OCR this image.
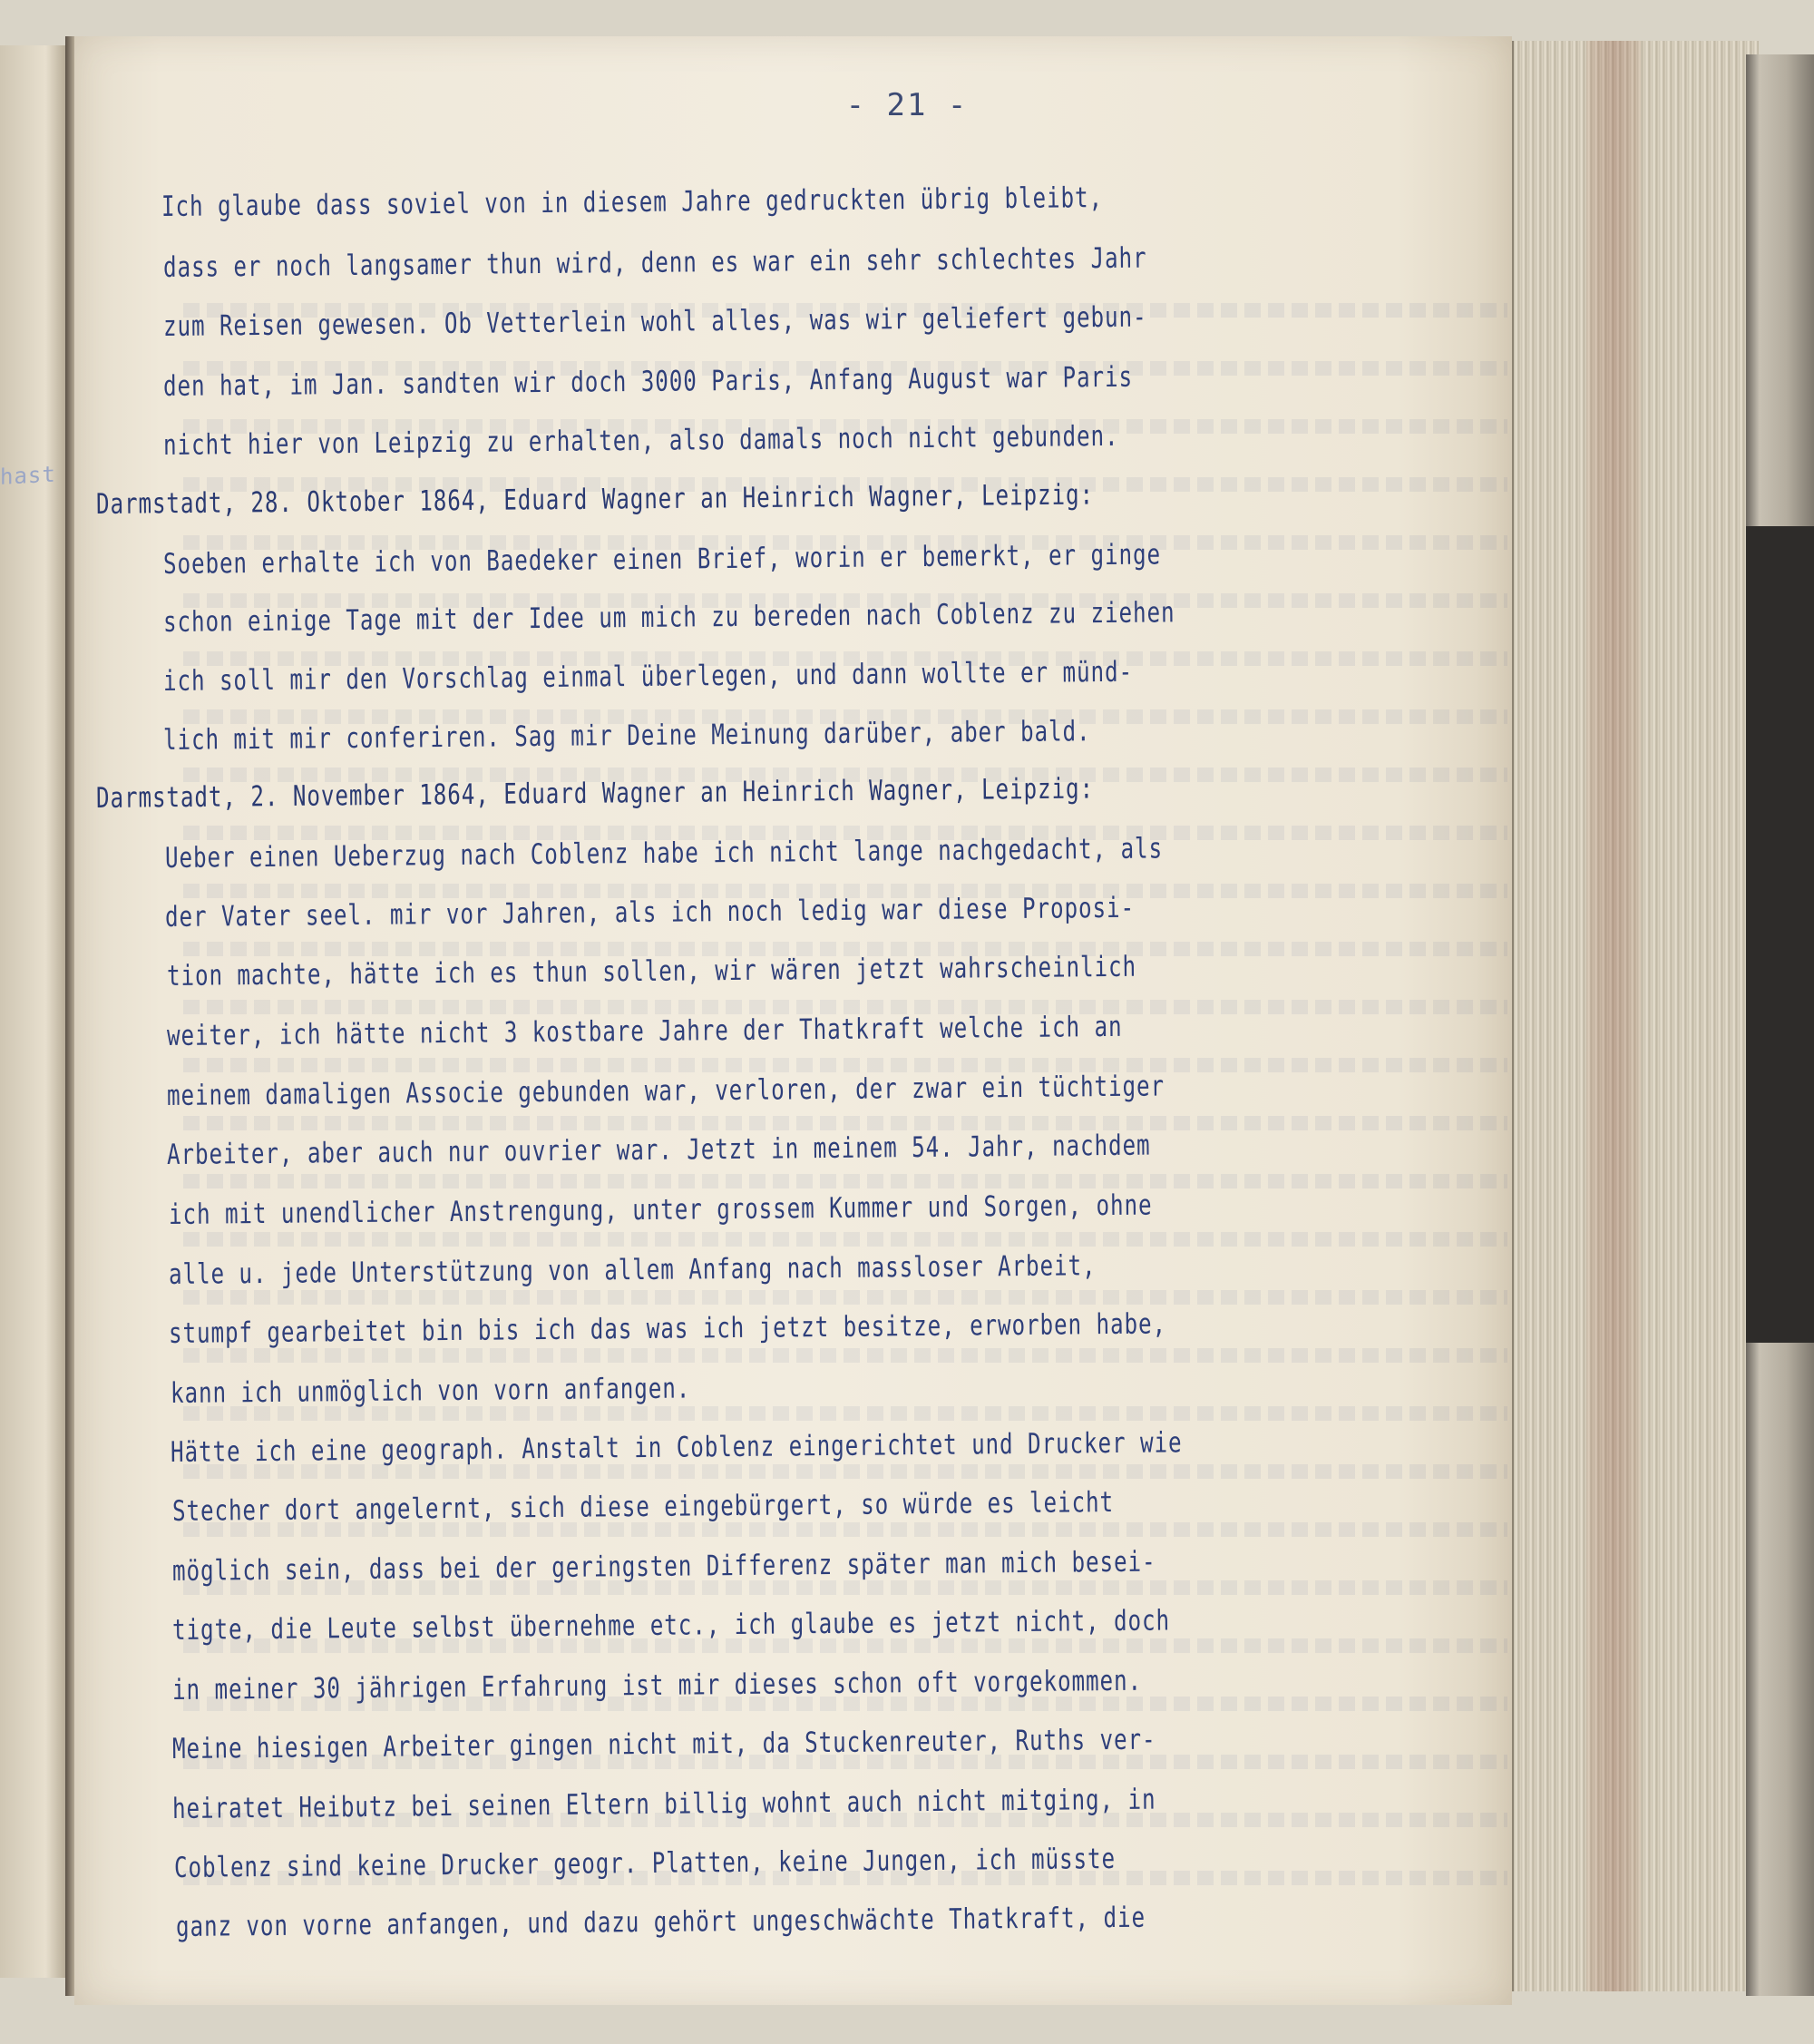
hast
- 21 -
Ich glaube dass soviel von in diesem Jahre gedruckten übrig bleibt,
dass er noch langsamer thun wird, denn es war ein sehr schlechtes Jahr
zum Reisen gewesen. Ob Vetterlein wohl alles, was wir geliefert gebun-
den hat, im Jan. sandten wir doch 3000 Paris, Anfang August war Paris
nicht hier von Leipzig zu erhalten, also damals noch nicht gebunden.
Darmstadt, 28. Oktober 1864, Eduard Wagner an Heinrich Wagner, Leipzig:
Soeben erhalte ich von Baedeker einen Brief, worin er bemerkt, er ginge
schon einige Tage mit der Idee um mich zu bereden nach Coblenz zu ziehen
ich soll mir den Vorschlag einmal überlegen, und dann wollte er münd-
lich mit mir conferiren. Sag mir Deine Meinung darüber, aber bald.
Darmstadt, 2. November 1864, Eduard Wagner an Heinrich Wagner, Leipzig:
Ueber einen Ueberzug nach Coblenz habe ich nicht lange nachgedacht, als
der Vater seel. mir vor Jahren, als ich noch ledig war diese Proposi-
tion machte, hätte ich es thun sollen, wir wären jetzt wahrscheinlich
weiter, ich hätte nicht 3 kostbare Jahre der Thatkraft welche ich an
meinem damaligen Associe gebunden war, verloren, der zwar ein tüchtiger
Arbeiter, aber auch nur ouvrier war. Jetzt in meinem 54. Jahr, nachdem
ich mit unendlicher Anstrengung, unter grossem Kummer und Sorgen, ohne
alle u. jede Unterstützung von allem Anfang nach massloser Arbeit,
stumpf gearbeitet bin bis ich das was ich jetzt besitze, erworben habe,
kann ich unmöglich von vorn anfangen.
Hätte ich eine geograph. Anstalt in Coblenz eingerichtet und Drucker wie
Stecher dort angelernt, sich diese eingebürgert, so würde es leicht
möglich sein, dass bei der geringsten Differenz später man mich besei-
tigte, die Leute selbst übernehme etc., ich glaube es jetzt nicht, doch
in meiner 30 jährigen Erfahrung ist mir dieses schon oft vorgekommen.
Meine hiesigen Arbeiter gingen nicht mit, da Stuckenreuter, Ruths ver-
heiratet Heibutz bei seinen Eltern billig wohnt auch nicht mitging, in
Coblenz sind keine Drucker geogr. Platten, keine Jungen, ich müsste
ganz von vorne anfangen, und dazu gehört ungeschwächte Thatkraft, die
